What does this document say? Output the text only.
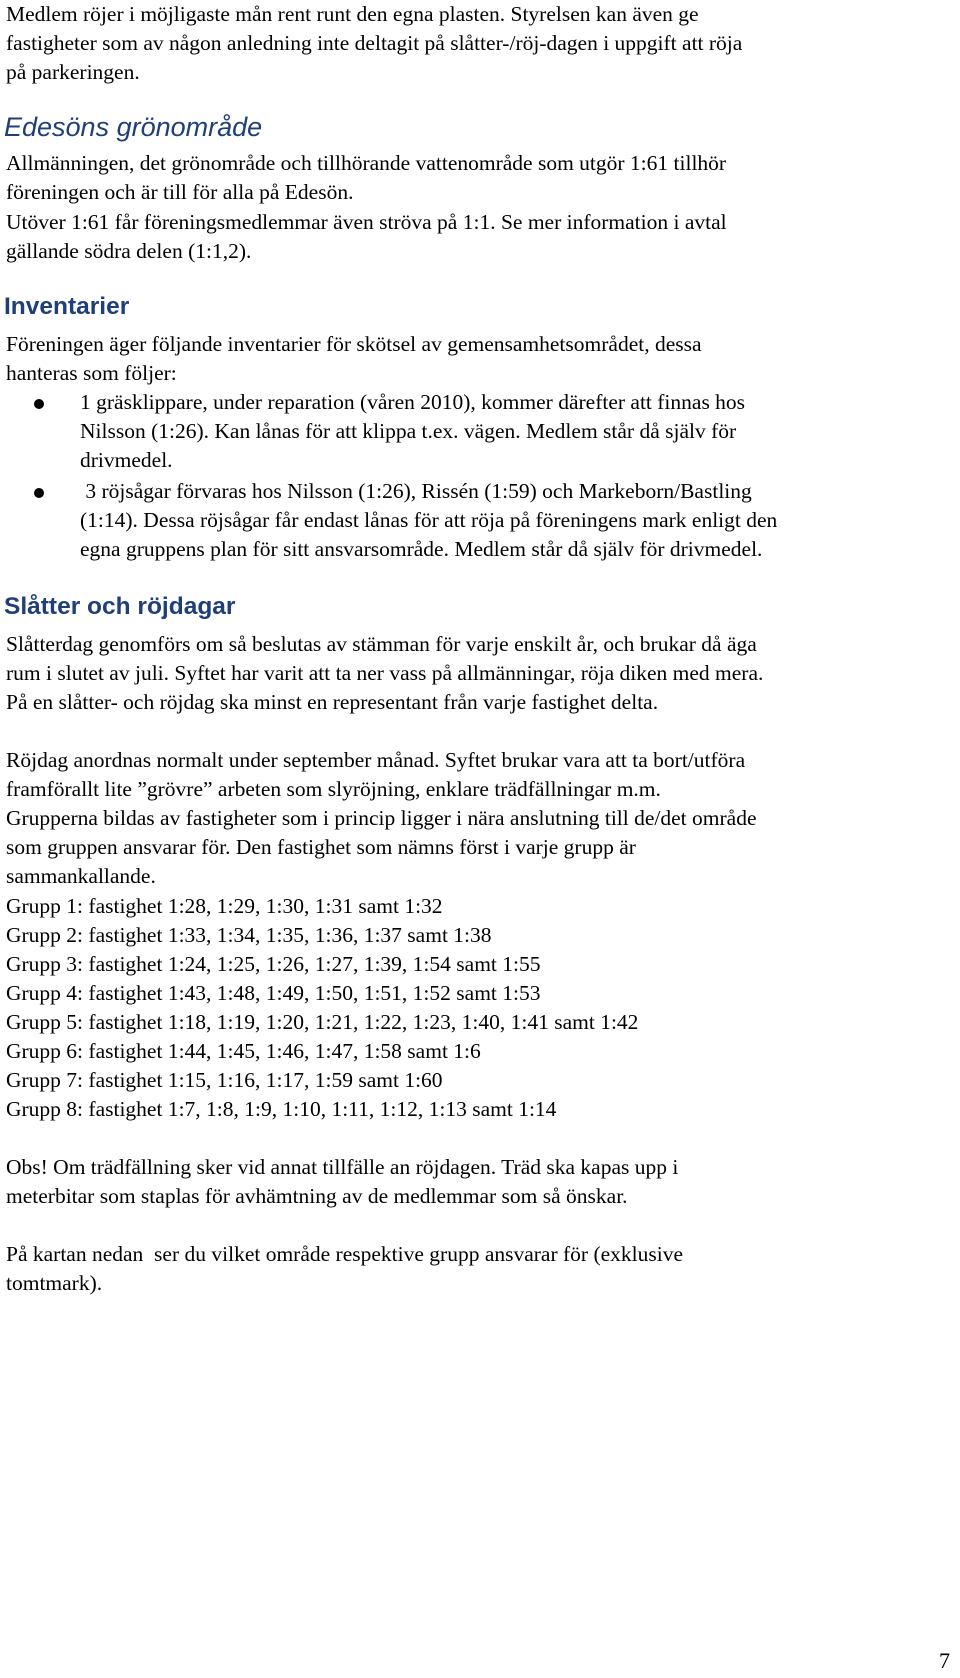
Medlem röjer i möjligaste mån rent runt den egna plasten. Styrelsen kan även ge
fastigheter som av någon anledning inte deltagit på slåtter-/röj-dagen i uppgift att röja
på parkeringen.
Edesöns grönområde
Allmänningen, det grönområde och tillhörande vattenområde som utgör 1:61 tillhör
föreningen och är till för alla på Edesön.
Utöver 1:61 får föreningsmedlemmar även ströva på 1:1. Se mer information i avtal
gällande södra delen (1:1,2).
Inventarier
Föreningen äger följande inventarier för skötsel av gemensamhetsområdet, dessa
hanteras som följer:
1 gräsklippare, under reparation (våren 2010), kommer därefter att finnas hos
Nilsson (1:26). Kan lånas för att klippa t.ex. vägen. Medlem står då själv för
drivmedel.
3 röjsågar förvaras hos Nilsson (1:26), Rissén (1:59) och Markeborn/Bastling
(1:14). Dessa röjsågar får endast lånas för att röja på föreningens mark enligt den
egna gruppens plan för sitt ansvarsområde. Medlem står då själv för drivmedel.
Slåtter och röjdagar
Slåtterdag genomförs om så beslutas av stämman för varje enskilt år, och brukar då äga
rum i slutet av juli. Syftet har varit att ta ner vass på allmänningar, röja diken med mera.
På en slåtter- och röjdag ska minst en representant från varje fastighet delta.
Röjdag anordnas normalt under september månad. Syftet brukar vara att ta bort/utföra
framförallt lite ”grövre” arbeten som slyröjning, enklare trädfällningar m.m.
Grupperna bildas av fastigheter som i princip ligger i nära anslutning till de/det område
som gruppen ansvarar för. Den fastighet som nämns först i varje grupp är
sammankallande.
Grupp 1: fastighet 1:28, 1:29, 1:30, 1:31 samt 1:32
Grupp 2: fastighet 1:33, 1:34, 1:35, 1:36, 1:37 samt 1:38
Grupp 3: fastighet 1:24, 1:25, 1:26, 1:27, 1:39, 1:54 samt 1:55
Grupp 4: fastighet 1:43, 1:48, 1:49, 1:50, 1:51, 1:52 samt 1:53
Grupp 5: fastighet 1:18, 1:19, 1:20, 1:21, 1:22, 1:23, 1:40, 1:41 samt 1:42
Grupp 6: fastighet 1:44, 1:45, 1:46, 1:47, 1:58 samt 1:6
Grupp 7: fastighet 1:15, 1:16, 1:17, 1:59 samt 1:60
Grupp 8: fastighet 1:7, 1:8, 1:9, 1:10, 1:11, 1:12, 1:13 samt 1:14
Obs! Om trädfällning sker vid annat tillfälle an röjdagen. Träd ska kapas upp i
meterbitar som staplas för avhämtning av de medlemmar som så önskar.
På kartan nedan  ser du vilket område respektive grupp ansvarar för (exklusive
tomtmark).
7
